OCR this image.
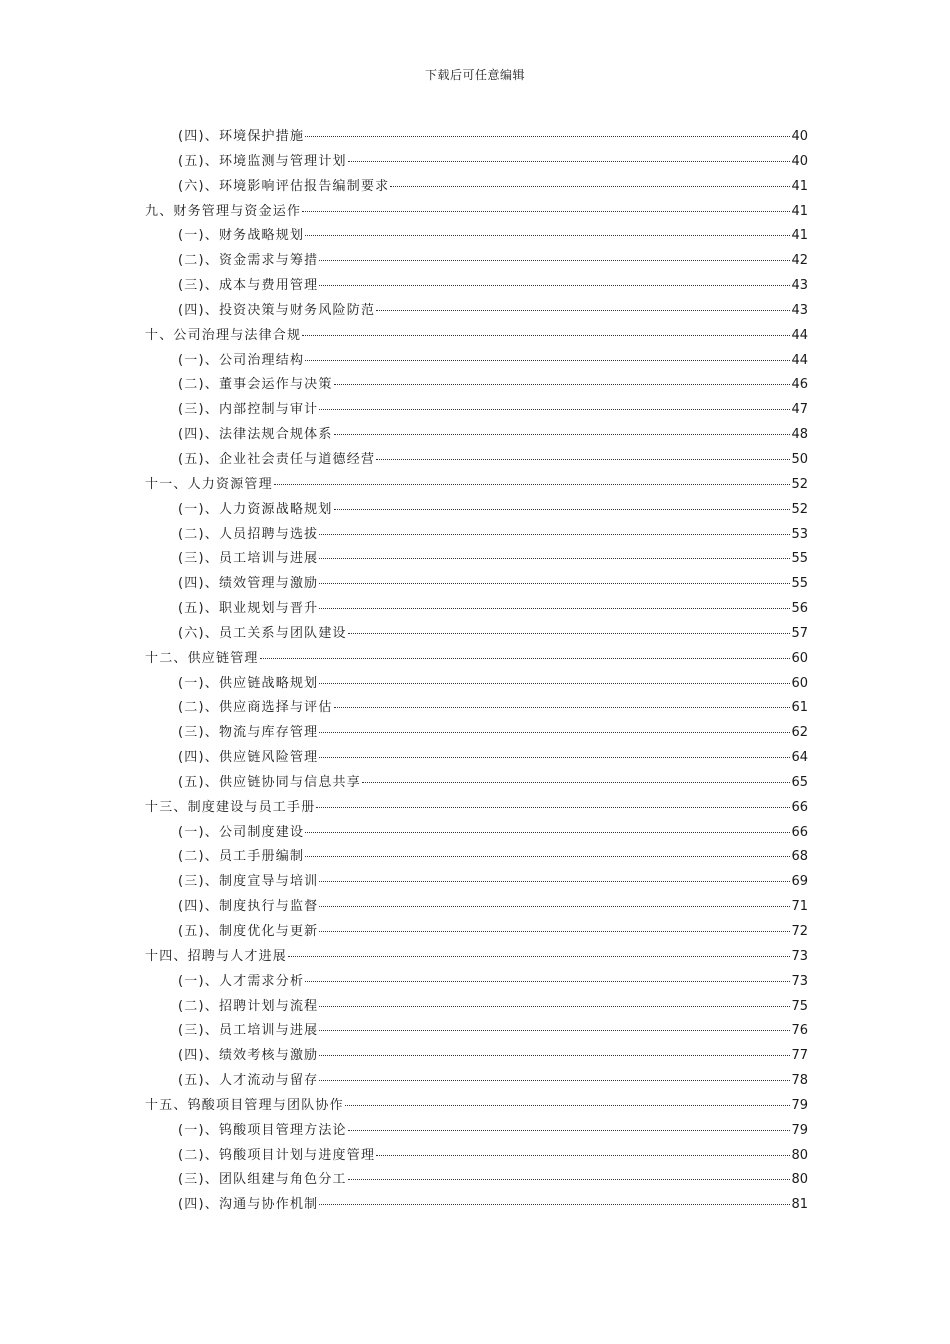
下载后可任意编辑
(四)、环境保护措施	40
(五)、环境监测与管理计划	40
(六)、环境影响评估报告编制要求	41
九、财务管理与资金运作	41
(一)、财务战略规划	41
(二)、资金需求与筹措	42
(三)、成本与费用管理	43
(四)、投资决策与财务风险防范	43
十、公司治理与法律合规	44
(一)、公司治理结构	44
(二)、董事会运作与决策	46
(三)、内部控制与审计	47
(四)、法律法规合规体系	48
(五)、企业社会责任与道德经营	50
十一、人力资源管理	52
(一)、人力资源战略规划	52
(二)、人员招聘与选拔	53
(三)、员工培训与进展	55
(四)、绩效管理与激励	55
(五)、职业规划与晋升	56
(六)、员工关系与团队建设	57
十二、供应链管理	60
(一)、供应链战略规划	60
(二)、供应商选择与评估	61
(三)、物流与库存管理	62
(四)、供应链风险管理	64
(五)、供应链协同与信息共享	65
十三、制度建设与员工手册	66
(一)、公司制度建设	66
(二)、员工手册编制	68
(三)、制度宣导与培训	69
(四)、制度执行与监督	71
(五)、制度优化与更新	72
十四、招聘与人才进展	73
(一)、人才需求分析	73
(二)、招聘计划与流程	75
(三)、员工培训与进展	76
(四)、绩效考核与激励	77
(五)、人才流动与留存	78
十五、钨酸项目管理与团队协作	79
(一)、钨酸项目管理方法论	79
(二)、钨酸项目计划与进度管理	80
(三)、团队组建与角色分工	80
(四)、沟通与协作机制	81
